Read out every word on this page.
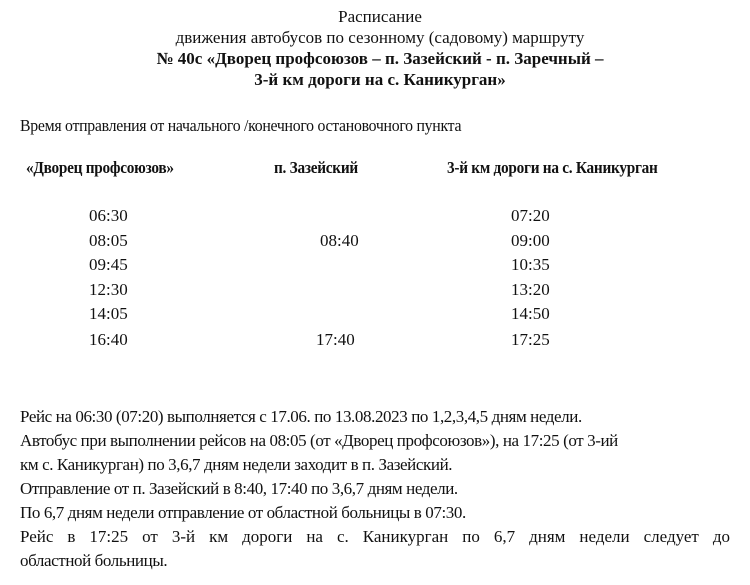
Расписание
движения автобусов по сезонному (садовому) маршруту
№ 40с «Дворец профсоюзов – п. Зазейский - п. Заречный –
3-й км дороги на с. Каникурган»
Время отправления от начального /конечного остановочного пункта
«Дворец профсоюзов»	п. Зазейский	3-й км дороги на с. Каникурган
06:30
08:05
09:45
12:30
14:05
16:40
08:40
17:40
07:20
09:00
10:35
13:20
14:50
17:25

Рейс на 06:30 (07:20) выполняется с 17.06. по 13.08.2023 по 1,2,3,4,5 дням недели.

Автобус при выполнении рейсов на 08:05 (от «Дворец профсоюзов»), на 17:25 (от 3-ий

км с. Каникурган) по 3,6,7 дням недели заходит в п. Зазейский.

Отправление от п. Зазейский в 8:40, 17:40 по 3,6,7 дням недели.

По 6,7 дням недели отправление от областной больницы в 07:30.

Рейс в 17:25 от 3-й км дороги на с. Каникурган по 6,7 дням недели следует до

областной больницы.
